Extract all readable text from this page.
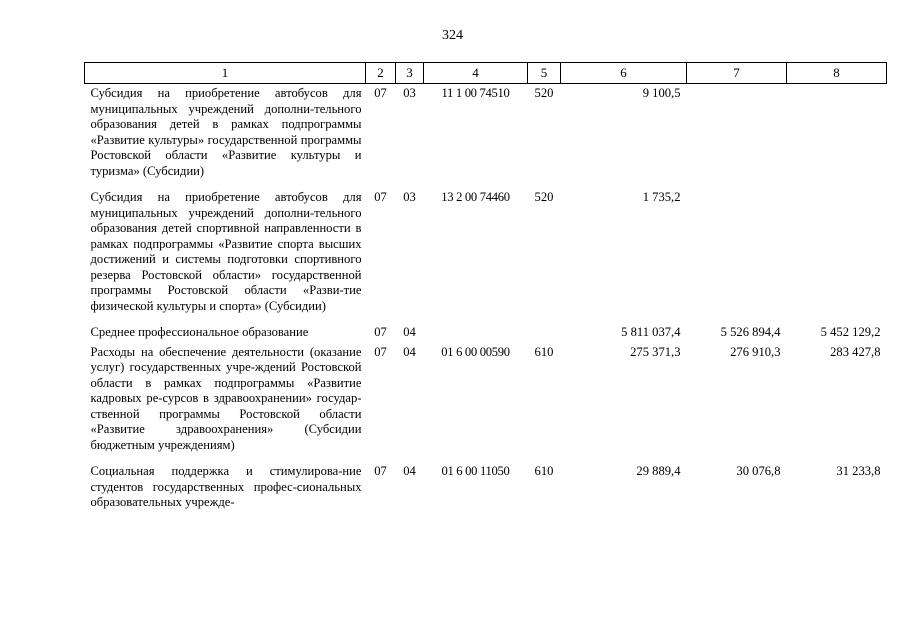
324
1	2	3	4	5	6	7	8
Субсидия на приобретение автобусов для муниципальных учреждений дополни-тельного образования детей в рамках подпрограммы «Развитие культуры» государственной программы Ростовской области «Развитие культуры и туризма» (Субсидии)	07	03	11 1 00 74510	520	9 100,5		
Субсидия на приобретение автобусов для муниципальных учреждений дополни-тельного образования детей спортивной направленности в рамках подпрограммы «Развитие спорта высших достижений и системы подготовки спортивного резерва Ростовской области» государственной программы Ростовской области «Разви-тие физической культуры и спорта» (Субсидии)	07	03	13 2 00 74460	520	1 735,2		
Среднее профессиональное образование	07	04			5 811 037,4	5 526 894,4	5 452 129,2
Расходы на обеспечение деятельности (оказание услуг) государственных учре-ждений Ростовской области в рамках подпрограммы «Развитие кадровых ре-сурсов в здравоохранении» государ-ственной программы Ростовской области «Развитие здравоохранения» (Субсидии бюджетным учреждениям)	07	04	01 6 00 00590	610	275 371,3	276 910,3	283 427,8
Социальная поддержка и стимулирова-ние студентов государственных профес-сиональных образовательных учрежде-	07	04	01 6 00 11050	610	29 889,4	30 076,8	31 233,8
